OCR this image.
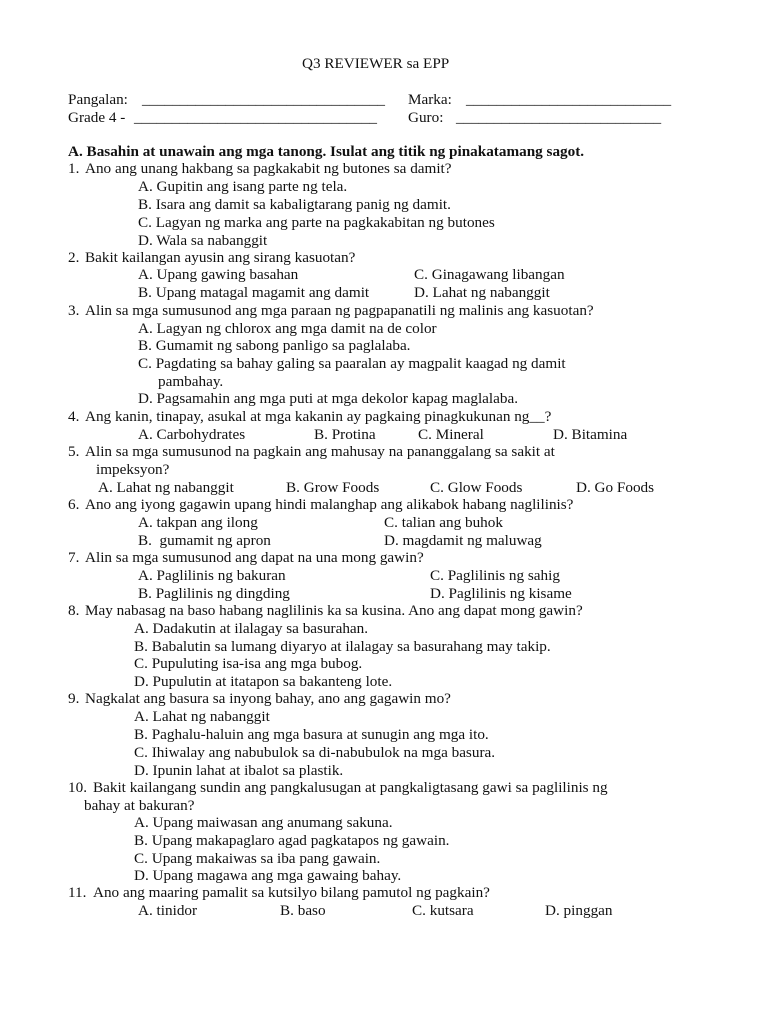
Q3 REVIEWER sa EPP
Pangalan: ________________________________ Marka: ___________________________
Grade 4 - ________________________________ Guro: ___________________________
A. Basahin at unawain ang mga tanong. Isulat ang titik ng pinakatamang sagot.
1. Ano ang unang hakbang sa pagkakabit ng butones sa damit?
A. Gupitin ang isang parte ng tela.
B. Isara ang damit sa kabaligtarang panig ng damit.
C. Lagyan ng marka ang parte na pagkakabitan ng butones
D. Wala sa nabanggit
2. Bakit kailangan ayusin ang sirang kasuotan?
A. Upang gawing basahan	C. Ginagawang libangan
B. Upang matagal magamit ang damit	D. Lahat ng nabanggit
3. Alin sa mga sumusunod ang mga paraan ng pagpapanatili ng malinis ang kasuotan?
A. Lagyan ng chlorox ang mga damit na de color
B. Gumamit ng sabong panligo sa paglalaba.
C. Pagdating sa bahay galing sa paaralan ay magpalit kaagad ng damit
pambahay.
D. Pagsamahin ang mga puti at mga dekolor kapag maglalaba.
4. Ang kanin, tinapay, asukal at mga kakanin ay pagkaing pinagkukunan ng__?
A. Carbohydrates	B. Protina	C. Mineral	D. Bitamina
5. Alin sa mga sumusunod na pagkain ang mahusay na pananggalang sa sakit at
impeksyon?
A. Lahat ng nabanggit	B. Grow Foods	C. Glow Foods	D. Go Foods
6. Ano ang iyong gagawin upang hindi malanghap ang alikabok habang naglilinis?
A. takpan ang ilong	C. talian ang buhok
B.  gumamit ng apron	D. magdamit ng maluwag
7. Alin sa mga sumusunod ang dapat na una mong gawin?
A. Paglilinis ng bakuran	C. Paglilinis ng sahig
B. Paglilinis ng dingding	D. Paglilinis ng kisame
8. May nabasag na baso habang naglilinis ka sa kusina. Ano ang dapat mong gawin?
A. Dadakutin at ilalagay sa basurahan.
B. Babalutin sa lumang diyaryo at ilalagay sa basurahang may takip.
C. Pupuluting isa-isa ang mga bubog.
D. Pupulutin at itatapon sa bakanteng lote.
9. Nagkalat ang basura sa inyong bahay, ano ang gagawin mo?
A. Lahat ng nabanggit
B. Paghalu-haluin ang mga basura at sunugin ang mga ito.
C. Ihiwalay ang nabubulok sa di-nabubulok na mga basura.
D. Ipunin lahat at ibalot sa plastik.
10. Bakit kailangang sundin ang pangkalusugan at pangkaligtasang gawi sa paglilinis ng
bahay at bakuran?
A. Upang maiwasan ang anumang sakuna.
B. Upang makapaglaro agad pagkatapos ng gawain.
C. Upang makaiwas sa iba pang gawain.
D. Upang magawa ang mga gawaing bahay.
11. Ano ang maaring pamalit sa kutsilyo bilang pamutol ng pagkain?
A. tinidor	B. baso	C. kutsara	D. pinggan
